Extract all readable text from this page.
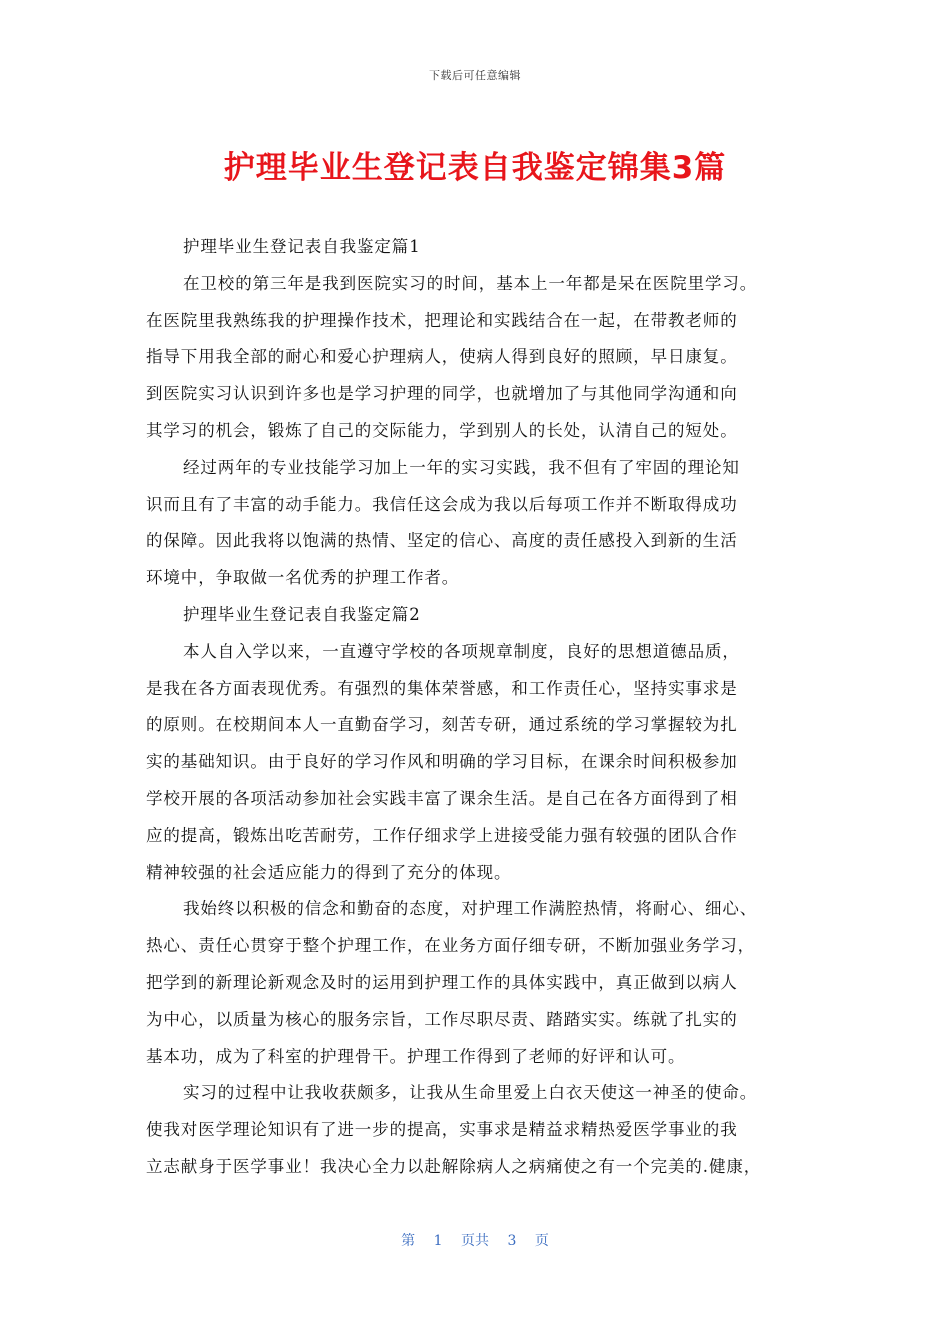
下载后可任意编辑
护理毕业生登记表自我鉴定锦集3篇
护理毕业生登记表自我鉴定篇1
在卫校的第三年是我到医院实习的时间，基本上一年都是呆在医院里学习。
在医院里我熟练我的护理操作技术，把理论和实践结合在一起，在带教老师的
指导下用我全部的耐心和爱心护理病人，使病人得到良好的照顾，早日康复。
到医院实习认识到许多也是学习护理的同学，也就增加了与其他同学沟通和向
其学习的机会，锻炼了自己的交际能力，学到别人的长处，认清自己的短处。
经过两年的专业技能学习加上一年的实习实践，我不但有了牢固的理论知
识而且有了丰富的动手能力。我信任这会成为我以后每项工作并不断取得成功
的保障。因此我将以饱满的热情、坚定的信心、高度的责任感投入到新的生活
环境中，争取做一名优秀的护理工作者。
护理毕业生登记表自我鉴定篇2
本人自入学以来，一直遵守学校的各项规章制度，良好的思想道德品质，
是我在各方面表现优秀。有强烈的集体荣誉感，和工作责任心，坚持实事求是
的原则。在校期间本人一直勤奋学习，刻苦专研，通过系统的学习掌握较为扎
实的基础知识。由于良好的学习作风和明确的学习目标，在课余时间积极参加
学校开展的各项活动参加社会实践丰富了课余生活。是自己在各方面得到了相
应的提高，锻炼出吃苦耐劳，工作仔细求学上进接受能力强有较强的团队合作
精神较强的社会适应能力的得到了充分的体现。
我始终以积极的信念和勤奋的态度，对护理工作满腔热情，将耐心、细心、
热心、责任心贯穿于整个护理工作，在业务方面仔细专研，不断加强业务学习，
把学到的新理论新观念及时的运用到护理工作的具体实践中，真正做到以病人
为中心，以质量为核心的服务宗旨，工作尽职尽责、踏踏实实。练就了扎实的
基本功，成为了科室的护理骨干。护理工作得到了老师的好评和认可。
实习的过程中让我收获颇多，让我从生命里爱上白衣天使这一神圣的使命。
使我对医学理论知识有了进一步的提高，实事求是精益求精热爱医学事业的我
立志献身于医学事业！我决心全力以赴解除病人之病痛使之有一个完美的.健康，
第 1 页共 3 页
